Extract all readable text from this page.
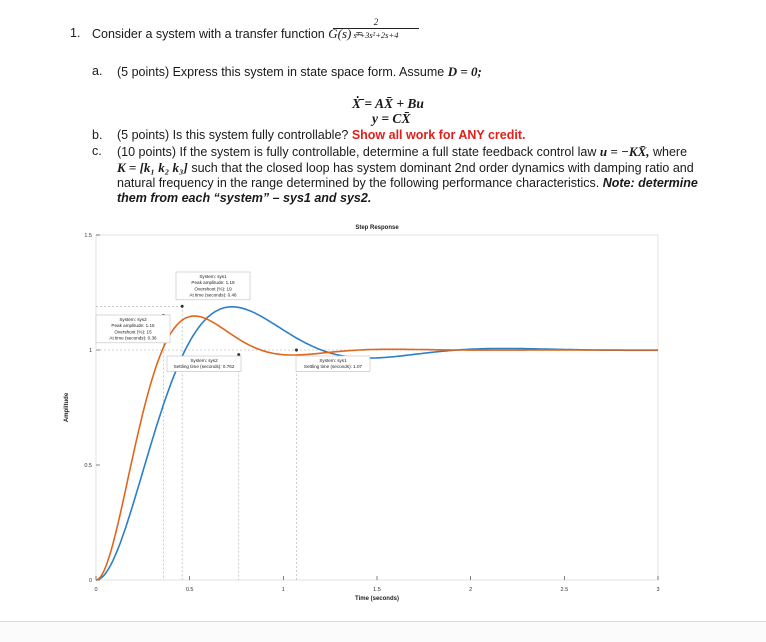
1. Consider a system with a transfer function G(s) =
2
s³+3s²+2s+4
a. (5 points) Express this system in state space form. Assume D = 0;
Ẋ̄ = AX̄ + Bu
y = CX̄
b. (5 points) Is this system fully controllable? Show all work for ANY credit.
c. (10 points) If the system is fully controllable, determine a full state feedback control law u = −KX̄, where
K = [k₁ k₂ k₃] such that the closed loop has system dominant 2nd order dynamics with damping ratio and
natural frequency in the range determined by the following performance characteristics. Note: determine
them from each “system” – sys1 and sys2.
0	0.5	1	1.5	2	2.5	3
0
0.5
1
1.5
Step Response
Time (seconds)
Amplitude
System: sys1
Peak amplitude: 1.19
Overshoot (%): 19
At time (seconds): 0.46
System: sys2
Peak amplitude: 1.15
Overshoot (%): 15
At time (seconds): 0.36
System: sys2
Settling time (seconds): 0.762
System: sys1
Settling time (seconds): 1.07
